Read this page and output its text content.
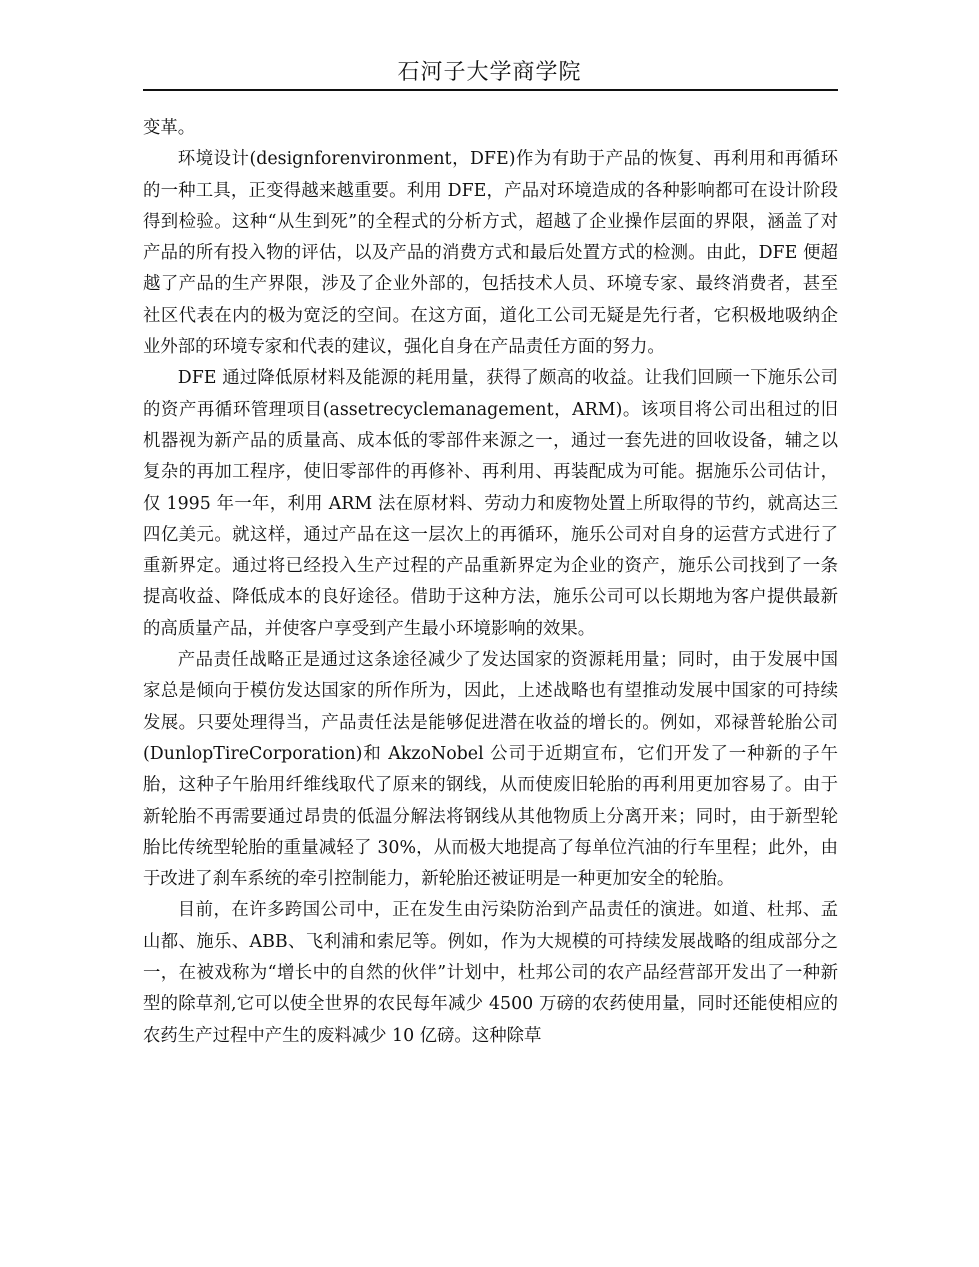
石河子大学商学院

变革。

环境设计(designforenvironment，DFE)作为有助于产品的恢复、再利用和再循环的一种工具，正变得越来越重要。利用 DFE，产品对环境造成的各种影响都可在设计阶段得到检验。这种“从生到死”的全程式的分析方式，超越了企业操作层面的界限，涵盖了对产品的所有投入物的评估，以及产品的消费方式和最后处置方式的检测。由此，DFE 便超越了产品的生产界限，涉及了企业外部的，包括技术人员、环境专家、最终消费者，甚至社区代表在内的极为宽泛的空间。在这方面，道化工公司无疑是先行者，它积极地吸纳企业外部的环境专家和代表的建议，强化自身在产品责任方面的努力。

DFE 通过降低原材料及能源的耗用量，获得了颇高的收益。让我们回顾一下施乐公司的资产再循环管理项目(assetrecyclemanagement，ARM)。该项目将公司出租过的旧机器视为新产品的质量高、成本低的零部件来源之一，通过一套先进的回收设备，辅之以复杂的再加工程序，使旧零部件的再修补、再利用、再装配成为可能。据施乐公司估计，仅 1995 年一年，利用 ARM 法在原材料、劳动力和废物处置上所取得的节约，就高达三四亿美元。就这样，通过产品在这一层次上的再循环，施乐公司对自身的运营方式进行了重新界定。通过将已经投入生产过程的产品重新界定为企业的资产，施乐公司找到了一条提高收益、降低成本的良好途径。借助于这种方法，施乐公司可以长期地为客户提供最新的高质量产品，并使客户享受到产生最小环境影响的效果。

产品责任战略正是通过这条途径减少了发达国家的资源耗用量；同时，由于发展中国家总是倾向于模仿发达国家的所作所为，因此，上述战略也有望推动发展中国家的可持续发展。只要处理得当，产品责任法是能够促进潜在收益的增长的。例如，邓禄普轮胎公司(DunlopTireCorporation)和 AkzoNobel 公司于近期宣布，它们开发了一种新的子午胎，这种子午胎用纤维线取代了原来的钢线，从而使废旧轮胎的再利用更加容易了。由于新轮胎不再需要通过昂贵的低温分解法将钢线从其他物质上分离开来；同时，由于新型轮胎比传统型轮胎的重量减轻了 30%，从而极大地提高了每单位汽油的行车里程；此外，由于改进了刹车系统的牵引控制能力，新轮胎还被证明是一种更加安全的轮胎。

目前，在许多跨国公司中，正在发生由污染防治到产品责任的演进。如道、杜邦、孟山都、施乐、ABB、飞利浦和索尼等。例如，作为大规模的可持续发展战略的组成部分之一，在被戏称为“增长中的自然的伙伴”计划中，杜邦公司的农产品经营部开发出了一种新型的除草剂,它可以使全世界的农民每年减少 4500 万磅的农药使用量，同时还能使相应的农药生产过程中产生的废料减少 10 亿磅。这种除草
